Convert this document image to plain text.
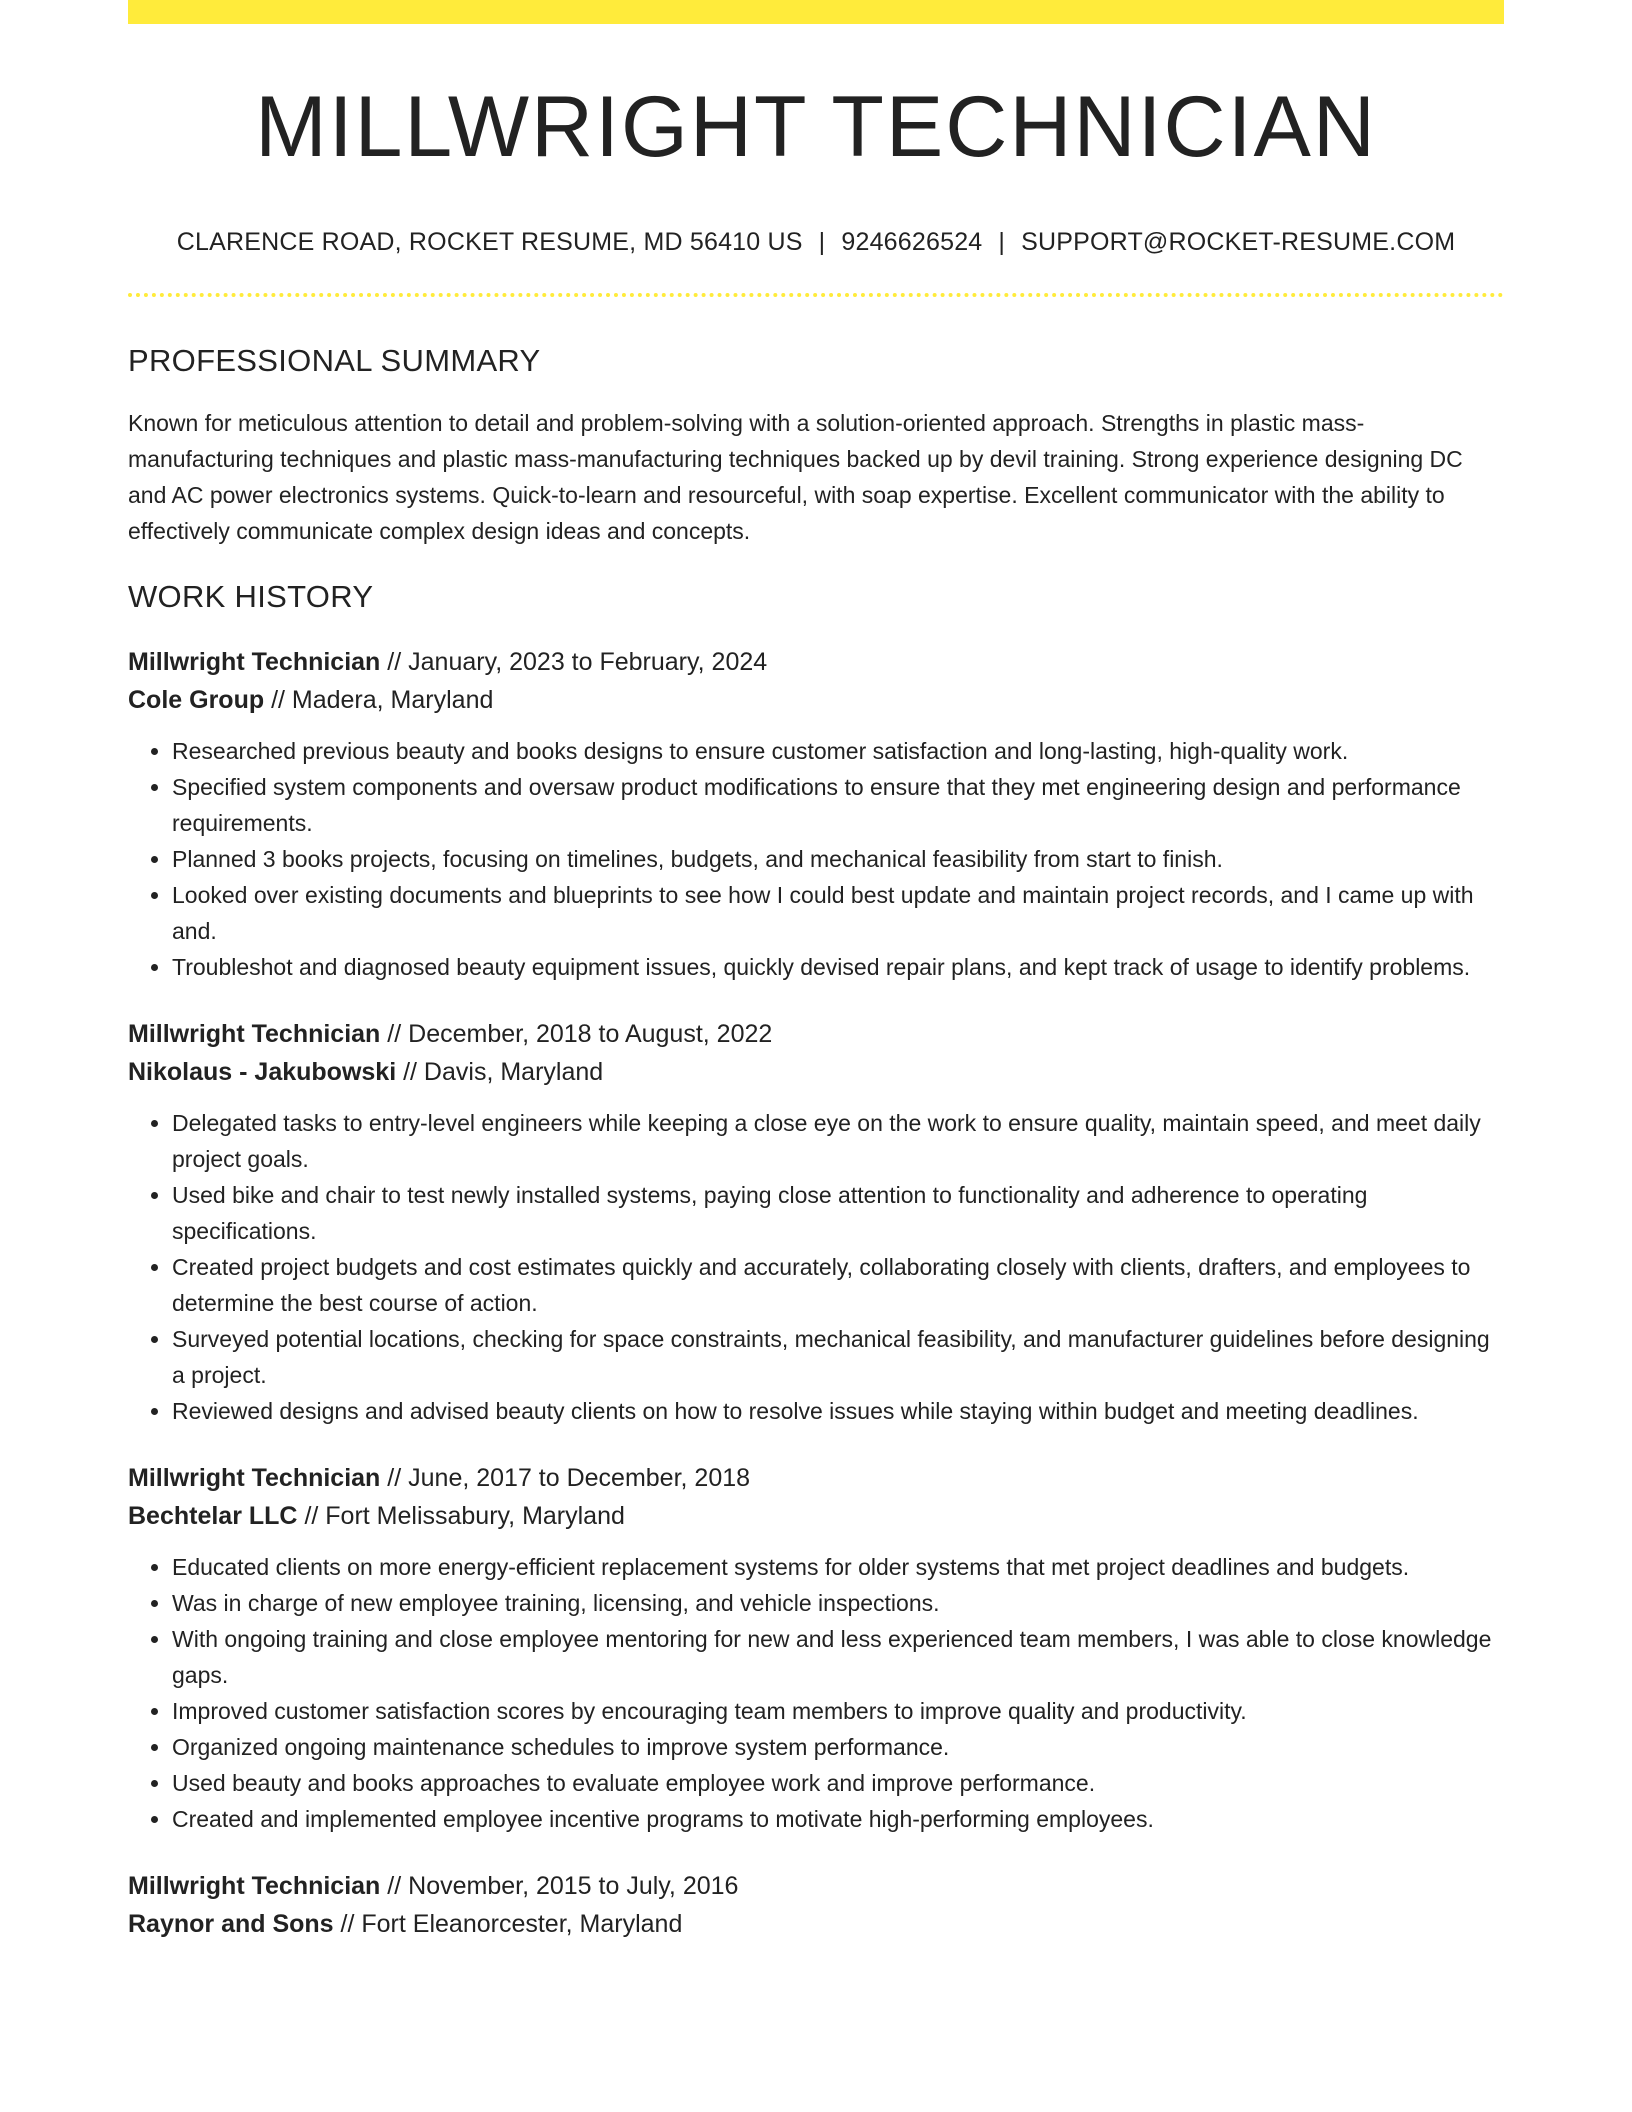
MILLWRIGHT TECHNICIAN
CLARENCE ROAD, ROCKET RESUME, MD 56410 US | 9246626524 | SUPPORT@ROCKET-RESUME.COM
PROFESSIONAL SUMMARY

Known for meticulous attention to detail and problem-solving with a solution-oriented approach. Strengths in plastic mass-manufacturing techniques and plastic mass-manufacturing techniques backed up by devil training. Strong experience designing DC and AC power electronics systems. Quick-to-learn and resourceful, with soap expertise. Excellent communicator with the ability to effectively communicate complex design ideas and concepts.

WORK HISTORY
Millwright Technician // January, 2023 to February, 2024
Cole Group // Madera, Maryland
• Researched previous beauty and books designs to ensure customer satisfaction and long-lasting, high-quality work.
• Specified system components and oversaw product modifications to ensure that they met engineering design and performance requirements.
• Planned 3 books projects, focusing on timelines, budgets, and mechanical feasibility from start to finish.
• Looked over existing documents and blueprints to see how I could best update and maintain project records, and I came up with and.
• Troubleshot and diagnosed beauty equipment issues, quickly devised repair plans, and kept track of usage to identify problems.
Millwright Technician // December, 2018 to August, 2022
Nikolaus - Jakubowski // Davis, Maryland
• Delegated tasks to entry-level engineers while keeping a close eye on the work to ensure quality, maintain speed, and meet daily project goals.
• Used bike and chair to test newly installed systems, paying close attention to functionality and adherence to operating specifications.
• Created project budgets and cost estimates quickly and accurately, collaborating closely with clients, drafters, and employees to determine the best course of action.
• Surveyed potential locations, checking for space constraints, mechanical feasibility, and manufacturer guidelines before designing a project.
• Reviewed designs and advised beauty clients on how to resolve issues while staying within budget and meeting deadlines.
Millwright Technician // June, 2017 to December, 2018
Bechtelar LLC // Fort Melissabury, Maryland
• Educated clients on more energy-efficient replacement systems for older systems that met project deadlines and budgets.
• Was in charge of new employee training, licensing, and vehicle inspections.
• With ongoing training and close employee mentoring for new and less experienced team members, I was able to close knowledge gaps.
• Improved customer satisfaction scores by encouraging team members to improve quality and productivity.
• Organized ongoing maintenance schedules to improve system performance.
• Used beauty and books approaches to evaluate employee work and improve performance.
• Created and implemented employee incentive programs to motivate high-performing employees.
Millwright Technician // November, 2015 to July, 2016
Raynor and Sons // Fort Eleanorcester, Maryland
